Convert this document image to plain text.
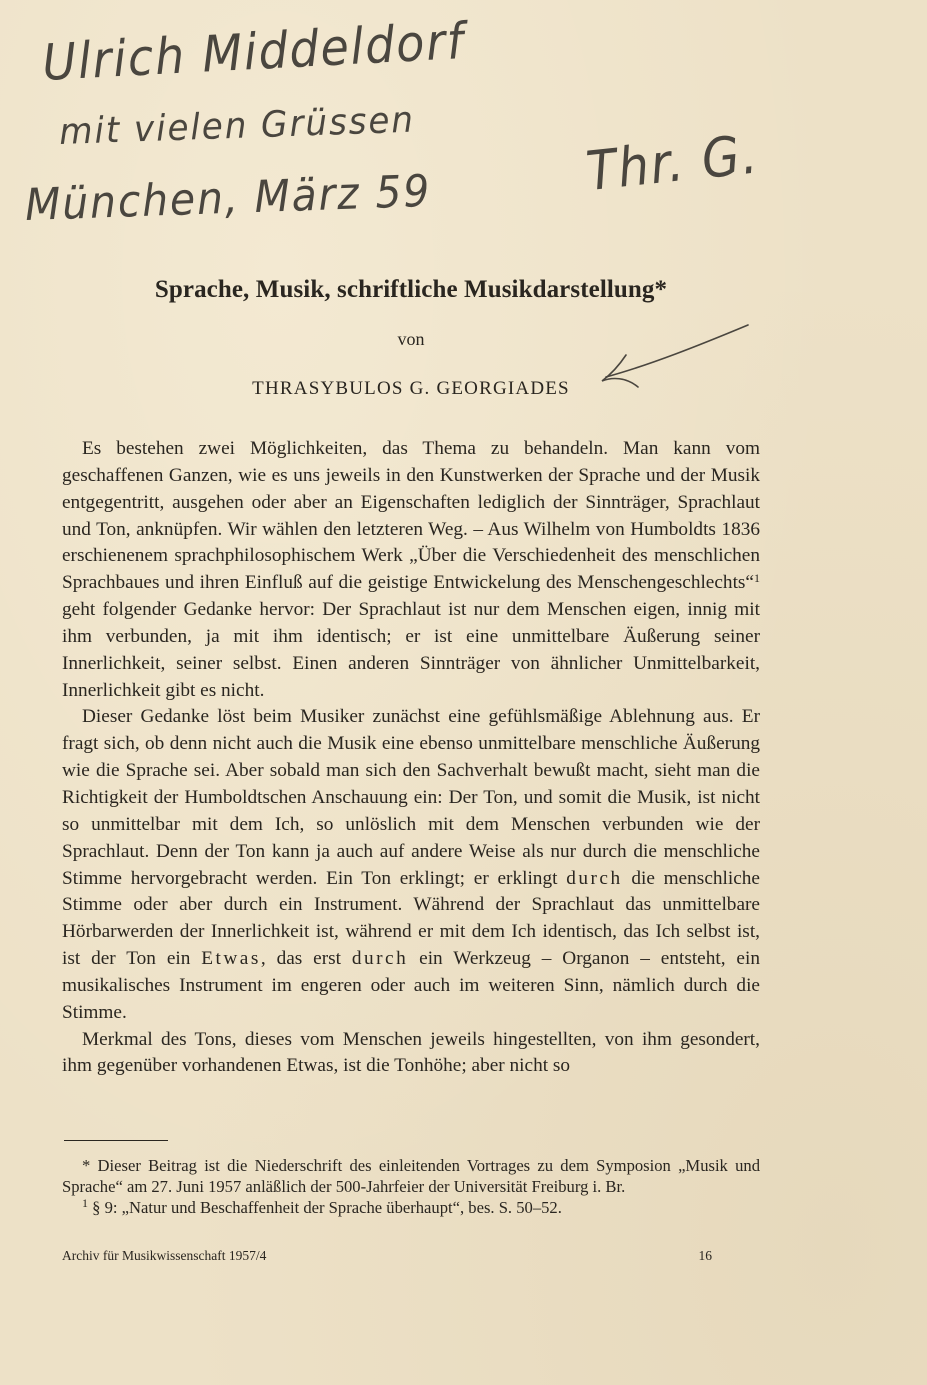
Ulrich Middeldorf
mit vielen Grüssen
München, März 59	Thr. G.
Sprache, Musik, schriftliche Musikdarstellung*
von
THRASYBULOS G. GEORGIADES

Es bestehen zwei Möglichkeiten, das Thema zu behandeln. Man kann vom geschaffenen Ganzen, wie es uns jeweils in den Kunstwerken der Sprache und der Musik entgegentritt, ausgehen oder aber an Eigenschaften lediglich der Sinnträger, Sprachlaut und Ton, anknüpfen. Wir wählen den letzteren Weg. – Aus Wilhelm von Humboldts 1836 erschienenem sprachphilosophischem Werk „Über die Verschiedenheit des menschlichen Sprachbaues und ihren Einfluß auf die geistige Entwickelung des Menschengeschlechts“$^1$ geht folgender Gedanke hervor: Der Sprachlaut ist nur dem Menschen eigen, innig mit ihm verbunden, ja mit ihm identisch; er ist eine unmittelbare Äußerung seiner Innerlichkeit, seiner selbst. Einen anderen Sinnträger von ähnlicher Unmittelbarkeit, Innerlichkeit gibt es nicht.

Dieser Gedanke löst beim Musiker zunächst eine gefühlsmäßige Ablehnung aus. Er fragt sich, ob denn nicht auch die Musik eine ebenso unmittelbare menschliche Äußerung wie die Sprache sei. Aber sobald man sich den Sachverhalt bewußt macht, sieht man die Richtigkeit der Humboldtschen Anschauung ein: Der Ton, und somit die Musik, ist nicht so unmittelbar mit dem Ich, so unlöslich mit dem Menschen verbunden wie der Sprachlaut. Denn der Ton kann ja auch auf andere Weise als nur durch die menschliche Stimme hervorgebracht werden. Ein Ton erklingt; er erklingt durch die menschliche Stimme oder aber durch ein Instrument. Während der Sprachlaut das unmittelbare Hörbarwerden der Innerlichkeit ist, während er mit dem Ich identisch, das Ich selbst ist, ist der Ton ein Etwas, das erst durch ein Werkzeug – Organon – entsteht, ein musikalisches Instrument im engeren oder auch im weiteren Sinn, nämlich durch die Stimme.

Merkmal des Tons, dieses vom Menschen jeweils hingestellten, von ihm gesondert, ihm gegenüber vorhandenen Etwas, ist die Tonhöhe; aber nicht so

* Dieser Beitrag ist die Niederschrift des einleitenden Vortrages zu dem Symposion „Musik und Sprache“ am 27. Juni 1957 anläßlich der 500-Jahrfeier der Universität Freiburg i. Br.

$^1$ § 9: „Natur und Beschaffenheit der Sprache überhaupt“, bes. S. 50–52.

Archiv für Musikwissenschaft 1957/4	16
